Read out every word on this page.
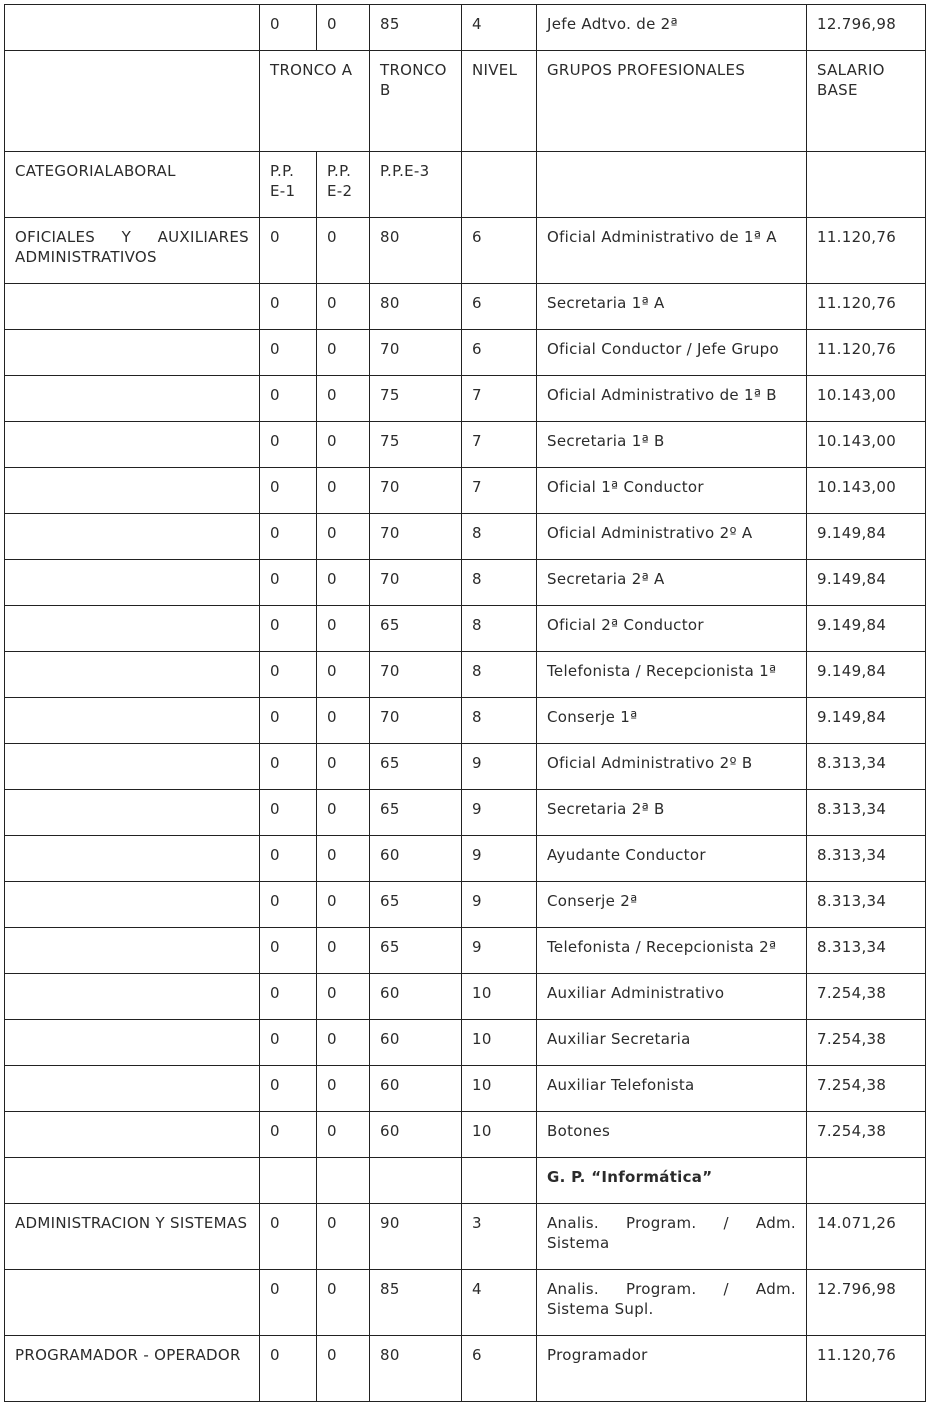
	0	0	85	4	Jefe Adtvo. de 2ª	12.796,98
	TRONCO A		TRONCO B	NIVEL	GRUPOS PROFESIONALES	SALARIO BASE
CATEGORIALABORAL	P.P. E-1	P.P. E-2	P.P.E-3			
OFICIALES Y AUXILIARES ADMINISTRATIVOS	0	0	80	6	Oficial Administrativo de 1ª A	11.120,76
	0	0	80	6	Secretaria 1ª A	11.120,76
	0	0	70	6	Oficial Conductor / Jefe Grupo	11.120,76
	0	0	75	7	Oficial Administrativo de 1ª B	10.143,00
	0	0	75	7	Secretaria 1ª B	10.143,00
	0	0	70	7	Oficial 1ª Conductor	10.143,00
	0	0	70	8	Oficial Administrativo 2º A	9.149,84
	0	0	70	8	Secretaria 2ª A	9.149,84
	0	0	65	8	Oficial 2ª Conductor	9.149,84
	0	0	70	8	Telefonista / Recepcionista 1ª	9.149,84
	0	0	70	8	Conserje 1ª	9.149,84
	0	0	65	9	Oficial Administrativo 2º B	8.313,34
	0	0	65	9	Secretaria 2ª B	8.313,34
	0	0	60	9	Ayudante Conductor	8.313,34
	0	0	65	9	Conserje 2ª	8.313,34
	0	0	65	9	Telefonista / Recepcionista 2ª	8.313,34
	0	0	60	10	Auxiliar Administrativo	7.254,38
	0	0	60	10	Auxiliar Secretaria	7.254,38
	0	0	60	10	Auxiliar Telefonista	7.254,38
	0	0	60	10	Botones	7.254,38
					G. P. “Informática”	
ADMINISTRACION Y SISTEMAS	0	0	90	3	Analis. Program. / Adm. Sistema	14.071,26
	0	0	85	4	Analis. Program. / Adm. Sistema Supl.	12.796,98
PROGRAMADOR - OPERADOR	0	0	80	6	Programador	11.120,76
